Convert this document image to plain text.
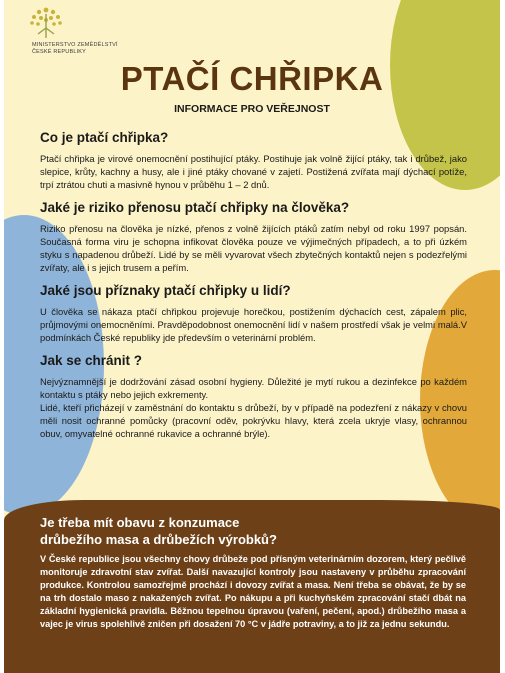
MINISTERSTVO ZEMĚDĚLSTVÍ
ČESKÉ REPUBLIKY
PTAČÍ CHŘIPKA
INFORMACE PRO VEŘEJNOST
Co je ptačí chřipka?

Ptačí chřipka je virové onemocnění postihující ptáky. Postihuje jak volně žijící ptáky, tak i drůbež, jako slepice, krůty, kachny a husy, ale i jiné ptáky chované v zajetí. Postižená zvířata mají dýchací potíže, trpí ztrátou chuti a masivně hynou v průběhu 1 – 2 dnů.

Jaké je riziko přenosu ptačí chřipky na člověka?

Riziko přenosu na člověka je nízké, přenos z volně žijících ptáků zatím nebyl od roku 1997 popsán. Současná forma viru je schopna infikovat člověka pouze ve výjimečných případech, a to při úzkém styku s napadenou drůbeží. Lidé by se měli vyvarovat všech zbytečných kontaktů nejen s podezřelými zvířaty, ale i s jejich trusem a peřím.

Jaké jsou příznaky ptačí chřipky u lidí?

U člověka se nákaza ptačí chřipkou projevuje horečkou, postižením dýchacích cest, zápalem plic, průjmovými onemocněními. Pravděpodobnost onemocnění lidí v našem prostředí však je velmi malá.V podmínkách České republiky jde především o veterinární problém.

Jak se chránit ?

Nejvýznamnější je dodržování zásad osobní hygieny. Důležité je mytí rukou a dezinfekce po každém kontaktu s ptáky nebo jejich exkrementy.

Lidé, kteří přicházejí v zaměstnání do kontaktu s drůbeží, by v případě na podezření z nákazy v chovu měli nosit ochranné pomůcky (pracovní oděv, pokrývku hlavy, která zcela ukryje vlasy, ochrannou obuv, omyvatelné ochranné rukavice a ochranné brýle).

Je třeba mít obavu z konzumace
drůbežího masa a drůbežích výrobků?

V České republice jsou všechny chovy drůbeže pod přísným veterinárním dozorem, který pečlivě monitoruje zdravotní stav zvířat. Další navazující kontroly jsou nastaveny v průběhu zpracování produkce. Kontrolou samozřejmě prochází i dovozy zvířat a masa. Není třeba se obávat, že by se na trh dostalo maso z nakažených zvířat. Po nákupu a při kuchyňském zpracování stačí dbát na základní hygienická pravidla. Běžnou tepelnou úpravou (vaření, pečení, apod.) drůbežího masa a vajec je virus spolehlivě zničen při dosažení 70 °C v jádře potraviny, a to již za jednu sekundu.
